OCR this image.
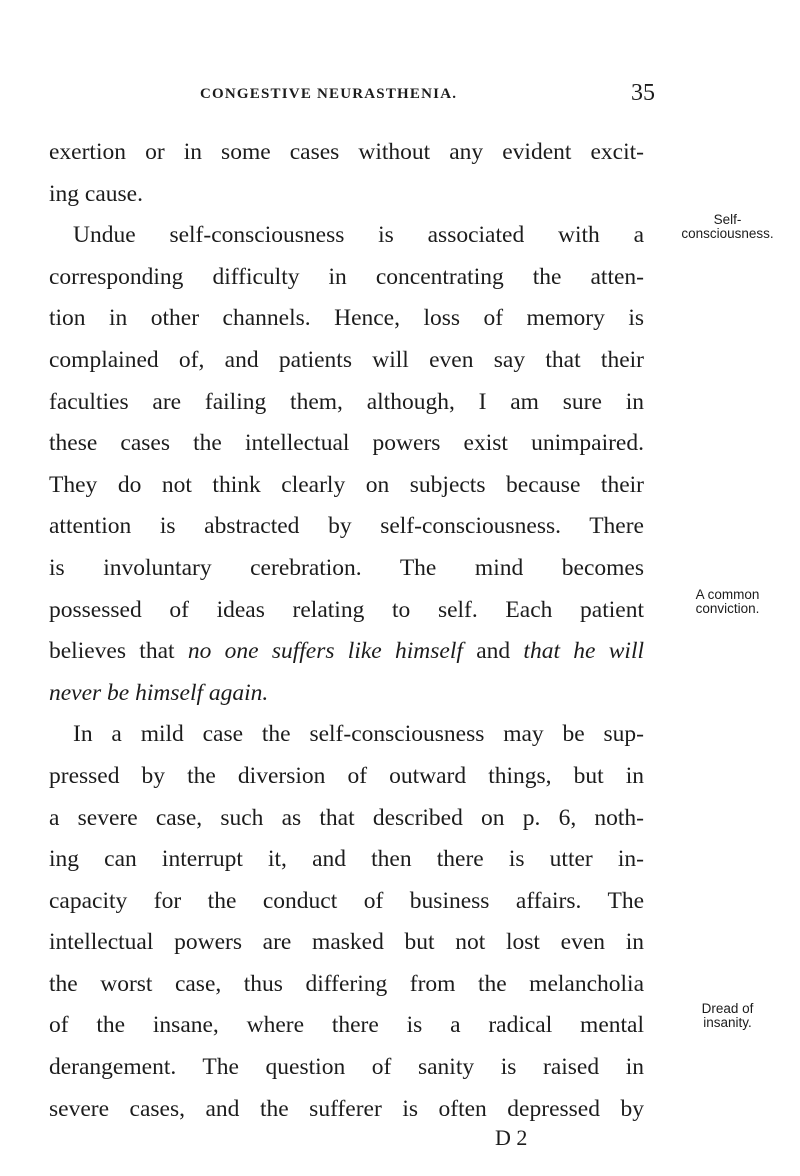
CONGESTIVE NEURASTHENIA.	35
exertion or in some cases without any evident excit-
ing cause.
Undue self-consciousness is associated with a
corresponding difficulty in concentrating the atten-
tion in other channels. Hence, loss of memory is
complained of, and patients will even say that their
faculties are failing them, although, I am sure in
these cases the intellectual powers exist unimpaired.
They do not think clearly on subjects because their
attention is abstracted by self-consciousness. There
is involuntary cerebration. The mind becomes
possessed of ideas relating to self. Each patient
believes that no one suffers like himself and that he will
never be himself again.
In a mild case the self-consciousness may be sup-
pressed by the diversion of outward things, but in
a severe case, such as that described on p. 6, noth-
ing can interrupt it, and then there is utter in-
capacity for the conduct of business affairs. The
intellectual powers are masked but not lost even in
the worst case, thus differing from the melancholia
of the insane, where there is a radical mental
derangement. The question of sanity is raised in
severe cases, and the sufferer is often depressed by
Self-
consciousness.
A common
conviction.
Dread of
insanity.
D 2
